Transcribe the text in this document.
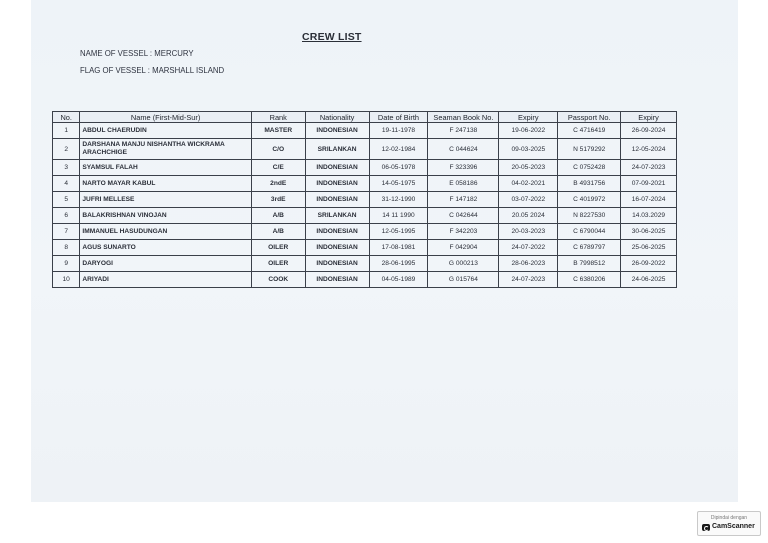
CREW LIST
NAME OF VESSEL : MERCURY
FLAG OF VESSEL : MARSHALL ISLAND
No.	Name (First-Mid-Sur)	Rank	Nationality	Date of Birth	Seaman Book No.	Expiry	Passport No.	Expiry
1	ABDUL CHAERUDIN	MASTER	INDONESIAN	19-11-1978	F 247138	19-06-2022	C 4716419	26-09-2024
2	DARSHANA MANJU NISHANTHA WICKRAMA ARACHCHIGE	C/O	SRILANKAN	12-02-1984	C 044624	09-03-2025	N 5179292	12-05-2024
3	SYAMSUL FALAH	C/E	INDONESIAN	06-05-1978	F 323396	20-05-2023	C 0752428	24-07-2023
4	NARTO MAYAR KABUL	2ndE	INDONESIAN	14-05-1975	E 058186	04-02-2021	B 4931756	07-09-2021
5	JUFRI MELLESE	3rdE	INDONESIAN	31-12-1990	F 147182	03-07-2022	C 4019972	16-07-2024
6	BALAKRISHNAN VINOJAN	A/B	SRILANKAN	14 11 1990	C 042644	20.05 2024	N 8227530	14.03.2029
7	IMMANUEL HASUDUNGAN	A/B	INDONESIAN	12-05-1995	F 342203	20-03-2023	C 6790044	30-06-2025
8	AGUS SUNARTO	OILER	INDONESIAN	17-08-1981	F 042904	24-07-2022	C 6789797	25-06-2025
9	DARYOGI	OILER	INDONESIAN	28-06-1995	G 000213	28-06-2023	B 7998512	26-09-2022
10	ARIYADI	COOK	INDONESIAN	04-05-1989	G 015764	24-07-2023	C 6380206	24-06-2025
Dipindai dengan
CamScanner
